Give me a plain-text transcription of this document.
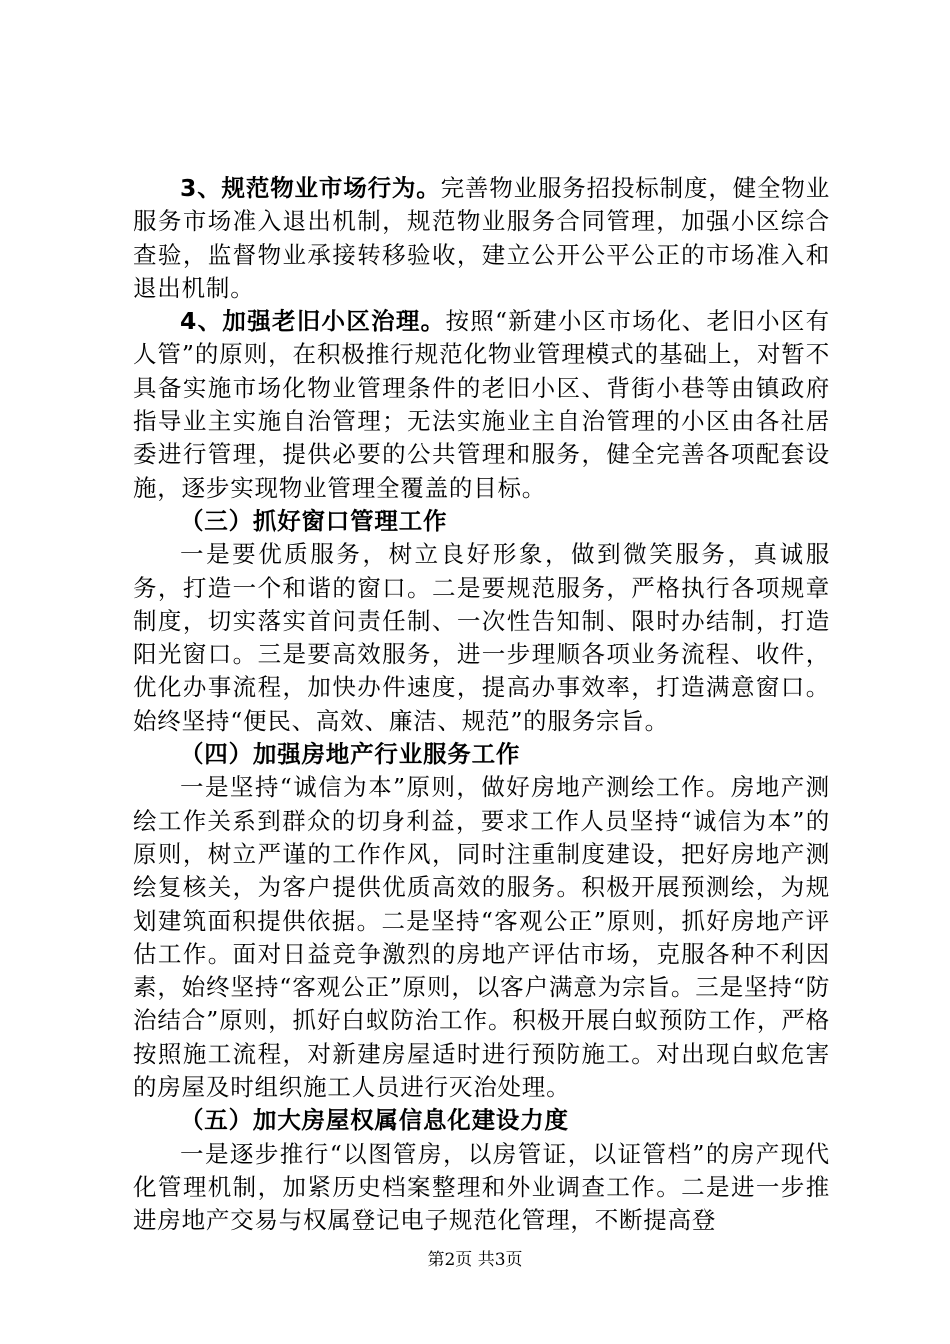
3、规范物业市场行为。完善物业服务招投标制度，健全物业服务市场准入退出机制，规范物业服务合同管理，加强小区综合查验，监督物业承接转移验收，建立公开公平公正的市场准入和退出机制。

4、加强老旧小区治理。按照“新建小区市场化、老旧小区有人管”的原则，在积极推行规范化物业管理模式的基础上，对暂不具备实施市场化物业管理条件的老旧小区、背街小巷等由镇政府指导业主实施自治管理；无法实施业主自治管理的小区由各社居委进行管理，提供必要的公共管理和服务，健全完善各项配套设施，逐步实现物业管理全覆盖的目标。

（三）抓好窗口管理工作

一是要优质服务，树立良好形象，做到微笑服务，真诚服务，打造一个和谐的窗口。二是要规范服务，严格执行各项规章制度，切实落实首问责任制、一次性告知制、限时办结制，打造阳光窗口。三是要高效服务，进一步理顺各项业务流程、收件，优化办事流程，加快办件速度，提高办事效率，打造满意窗口。始终坚持“便民、高效、廉洁、规范”的服务宗旨。

（四）加强房地产行业服务工作

一是坚持“诚信为本”原则，做好房地产测绘工作。房地产测绘工作关系到群众的切身利益，要求工作人员坚持“诚信为本”的原则，树立严谨的工作作风，同时注重制度建设，把好房地产测绘复核关，为客户提供优质高效的服务。积极开展预测绘，为规划建筑面积提供依据。二是坚持“客观公正”原则，抓好房地产评估工作。面对日益竞争激烈的房地产评估市场，克服各种不利因素，始终坚持“客观公正”原则，以客户满意为宗旨。三是坚持“防治结合”原则，抓好白蚁防治工作。积极开展白蚁预防工作，严格按照施工流程，对新建房屋适时进行预防施工。对出现白蚁危害的房屋及时组织施工人员进行灭治处理。

（五）加大房屋权属信息化建设力度

一是逐步推行“以图管房，以房管证，以证管档”的房产现代化管理机制，加紧历史档案整理和外业调查工作。二是进一步推进房地产交易与权属登记电子规范化管理，不断提高登

第2页 共3页
